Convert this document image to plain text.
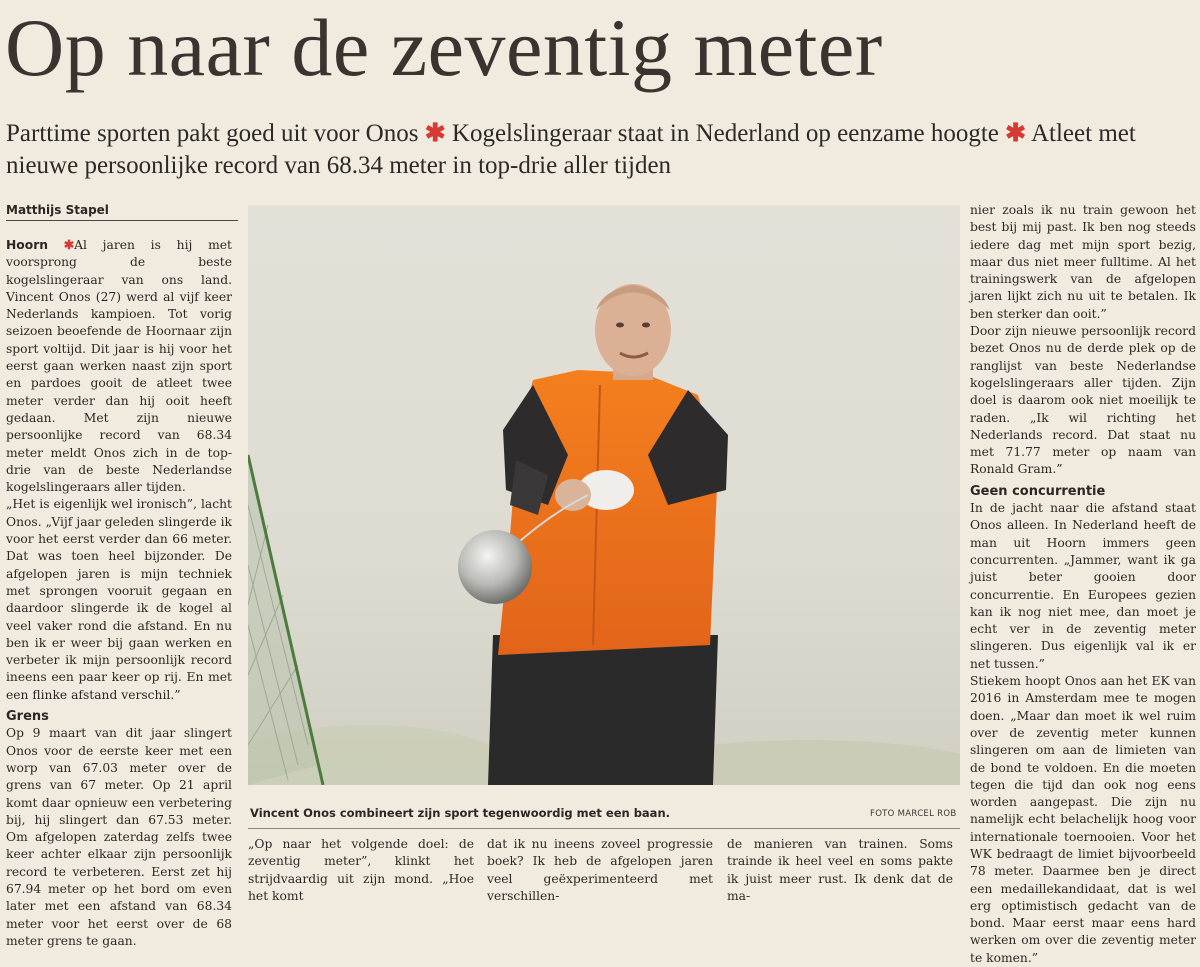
Op naar de zeventig meter

Parttime sporten pakt goed uit voor Onos ✱ Kogelslingeraar staat in Nederland op eenzame hoogte ✱ Atleet met nieuwe persoonlijke record van 68.34 meter in top-drie aller tijden

Matthijs Stapel

Hoorn ✱Al jaren is hij met voorsprong de beste kogelslingeraar van ons land. Vincent Onos (27) werd al vijf keer Nederlands kampioen. Tot vorig seizoen beoefende de Hoornaar zijn sport voltijd. Dit jaar is hij voor het eerst gaan werken naast zijn sport en pardoes gooit de atleet twee meter verder dan hij ooit heeft gedaan. Met zijn nieuwe persoonlijke record van 68.34 meter meldt Onos zich in de top-drie van de beste Nederlandse kogelslingeraars aller tijden.

„Het is eigenlijk wel ironisch”, lacht Onos. „Vijf jaar geleden slingerde ik voor het eerst verder dan 66 meter. Dat was toen heel bijzonder. De afgelopen jaren is mijn techniek met sprongen vooruit gegaan en daardoor slingerde ik de kogel al veel vaker rond die afstand. En nu ben ik er weer bij gaan werken en verbeter ik mijn persoonlijk record ineens een paar keer op rij. En met een flinke afstand verschil.”

Grens

Op 9 maart van dit jaar slingert Onos voor de eerste keer met een worp van 67.03 meter over de grens van 67 meter. Op 21 april komt daar opnieuw een verbetering bij, hij slingert dan 67.53 meter. Om afgelopen zaterdag zelfs twee keer achter elkaar zijn persoonlijk record te verbeteren. Eerst zet hij 67.94 meter op het bord om even later met een afstand van 68.34 meter voor het eerst over de 68 meter grens te gaan.

Vincent Onos combineert zijn sport tegenwoordig met een baan.	FOTO MARCEL ROB

„Op naar het volgende doel: de zeventig meter”, klinkt het strijdvaardig uit zijn mond. „Hoe het komt

dat ik nu ineens zoveel progressie boek? Ik heb de afgelopen jaren veel geëxperimenteerd met verschillen-

de manieren van trainen. Soms traindе ik heel veel en soms pakte ik juist meer rust. Ik denk dat de ma-

nier zoals ik nu train gewoon het best bij mij past. Ik ben nog steeds iedere dag met mijn sport bezig, maar dus niet meer fulltime. Al het trainingswerk van de afgelopen jaren lijkt zich nu uit te betalen. Ik ben sterker dan ooit.”

Door zijn nieuwe persoonlijk record bezet Onos nu de derde plek op de ranglijst van beste Nederlandse kogelslingeraars aller tijden. Zijn doel is daarom ook niet moeilijk te raden. „Ik wil richting het Nederlands record. Dat staat nu met 71.77 meter op naam van Ronald Gram.”

Geen concurrentie

In de jacht naar die afstand staat Onos alleen. In Nederland heeft de man uit Hoorn immers geen concurrenten. „Jammer, want ik ga juist beter gooien door concurrentie. En Europees gezien kan ik nog niet mee, dan moet je echt ver in de zeventig meter slingeren. Dus eigenlijk val ik er net tussen.”

Stiekem hoopt Onos aan het EK van 2016 in Amsterdam mee te mogen doen. „Maar dan moet ik wel ruim over de zeventig meter kunnen slingeren om aan de limieten van de bond te voldoen. En die moeten tegen die tijd dan ook nog eens worden aangepast. Die zijn nu namelijk echt belachelijk hoog voor internationale toernooien. Voor het WK bedraagt de limiet bijvoorbeeld 78 meter. Daarmee ben je direct een medaillekandidaat, dat is wel erg optimistisch gedacht van de bond. Maar eerst maar eens hard werken om over die zeventig meter te komen.”
